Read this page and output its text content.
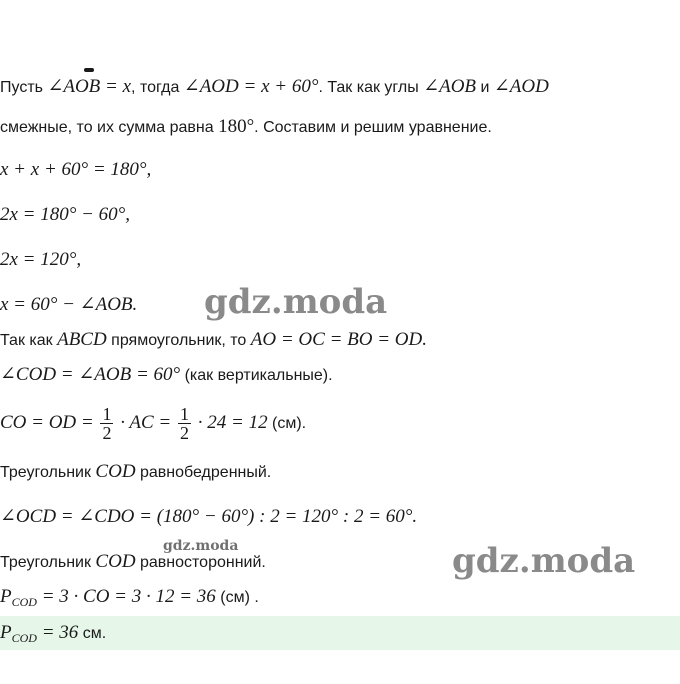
Пусть ∠AOB = x, тогда ∠AOD = x + 60°. Так как углы ∠AOB и ∠AOD
смежные, то их сумма равна 180°. Составим и решим уравнение.
x + x + 60° = 180°,
2x = 180° − 60°,
2x = 120°,
x = 60° − ∠AOB.
Так как ABCD прямоугольник, то AO = OC = BO = OD.
∠COD = ∠AOB = 60° (как вертикальные).
CO = OD = $\frac{1}{2}$ · AC = $\frac{1}{2} \cdot 24 = 12$ (см).
Треугольник COD равнобедренный.
∠OCD = ∠CDO = (180° − 60°) : 2 = 120° : 2 = 60°.
Треугольник COD равносторонний.
$P_{COD} = 3$ · CO = 3 · 12 = 36 (см) .
$P_{COD} = 36$ см.
gdz.moda
gdz.moda	gdz.moda
